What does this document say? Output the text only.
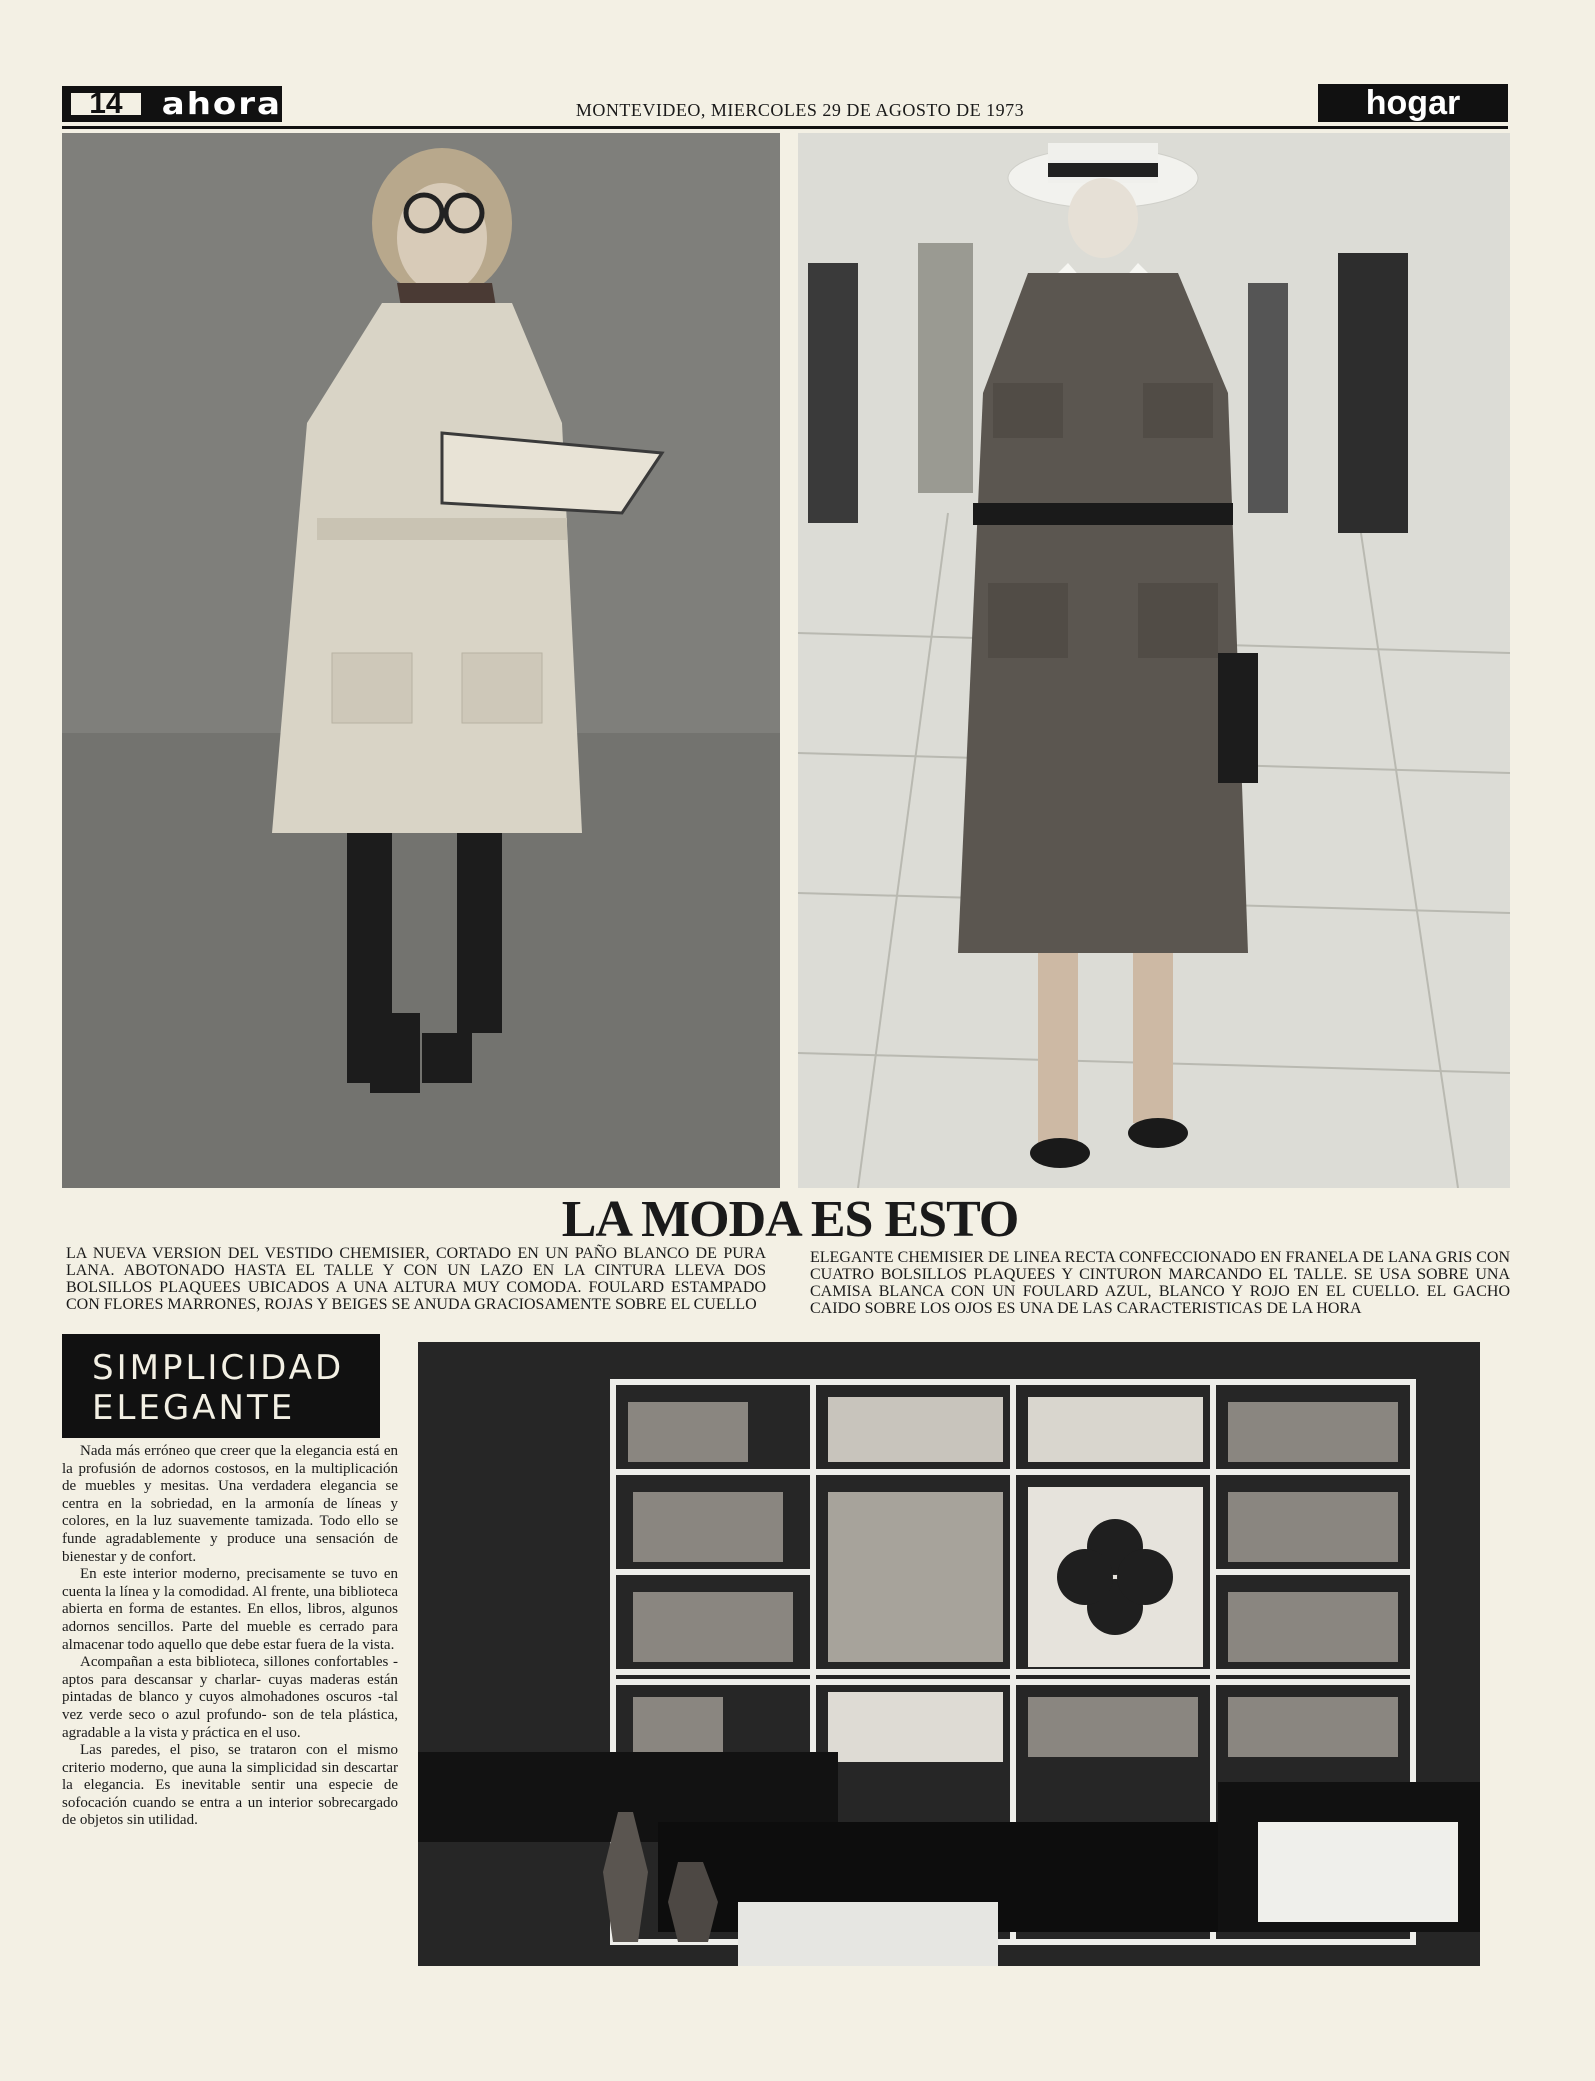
14	ahora	MONTEVIDEO, MIERCOLES 29 DE AGOSTO DE 1973	hogar
LA MODA ES ESTO
LA NUEVA VERSION DEL VESTIDO CHEMISIER, CORTADO EN UN PAÑO BLANCO DE PURA LANA. ABOTONADO HASTA EL TALLE Y CON UN LAZO EN LA CINTURA LLEVA DOS BOLSILLOS PLAQUEES UBICADOS A UNA ALTURA MUY COMODA. FOULARD ESTAMPADO CON FLORES MARRONES, ROJAS Y BEIGES SE ANUDA GRACIOSAMENTE SOBRE EL CUELLO
ELEGANTE CHEMISIER DE LINEA RECTA CONFECCIONADO EN FRANELA DE LANA GRIS CON CUATRO BOLSILLOS PLAQUEES Y CINTURON MARCANDO EL TALLE. SE USA SOBRE UNA CAMISA BLANCA CON UN FOULARD AZUL, BLANCO Y ROJO EN EL CUELLO. EL GACHO CAIDO SOBRE LOS OJOS ES UNA DE LAS CARACTERISTICAS DE LA HORA
SIMPLICIDAD
ELEGANTE

Nada más erróneo que creer que la elegancia está en la profusión de adornos costosos, en la multiplicación de muebles y mesitas. Una verdadera elegancia se centra en la sobriedad, en la armonía de líneas y colores, en la luz suavemente tamizada. Todo ello se funde agradablemente y produce una sensación de bienestar y de confort.

En este interior moderno, precisamente se tuvo en cuenta la línea y la comodidad. Al frente, una biblioteca abierta en forma de estantes. En ellos, libros, algunos adornos sencillos. Parte del mueble es cerrado para almacenar todo aquello que debe estar fuera de la vista.

Acompañan a esta biblioteca, sillones confortables -aptos para descansar y charlar- cuyas maderas están pintadas de blanco y cuyos almohadones oscuros -tal vez verde seco o azul profundo- son de tela plástica, agradable a la vista y práctica en el uso.

Las paredes, el piso, se trataron con el mismo criterio moderno, que auna la simplicidad sin descartar la elegancia. Es inevitable sentir una especie de sofocación cuando se entra a un interior sobrecargado de objetos sin utilidad.
